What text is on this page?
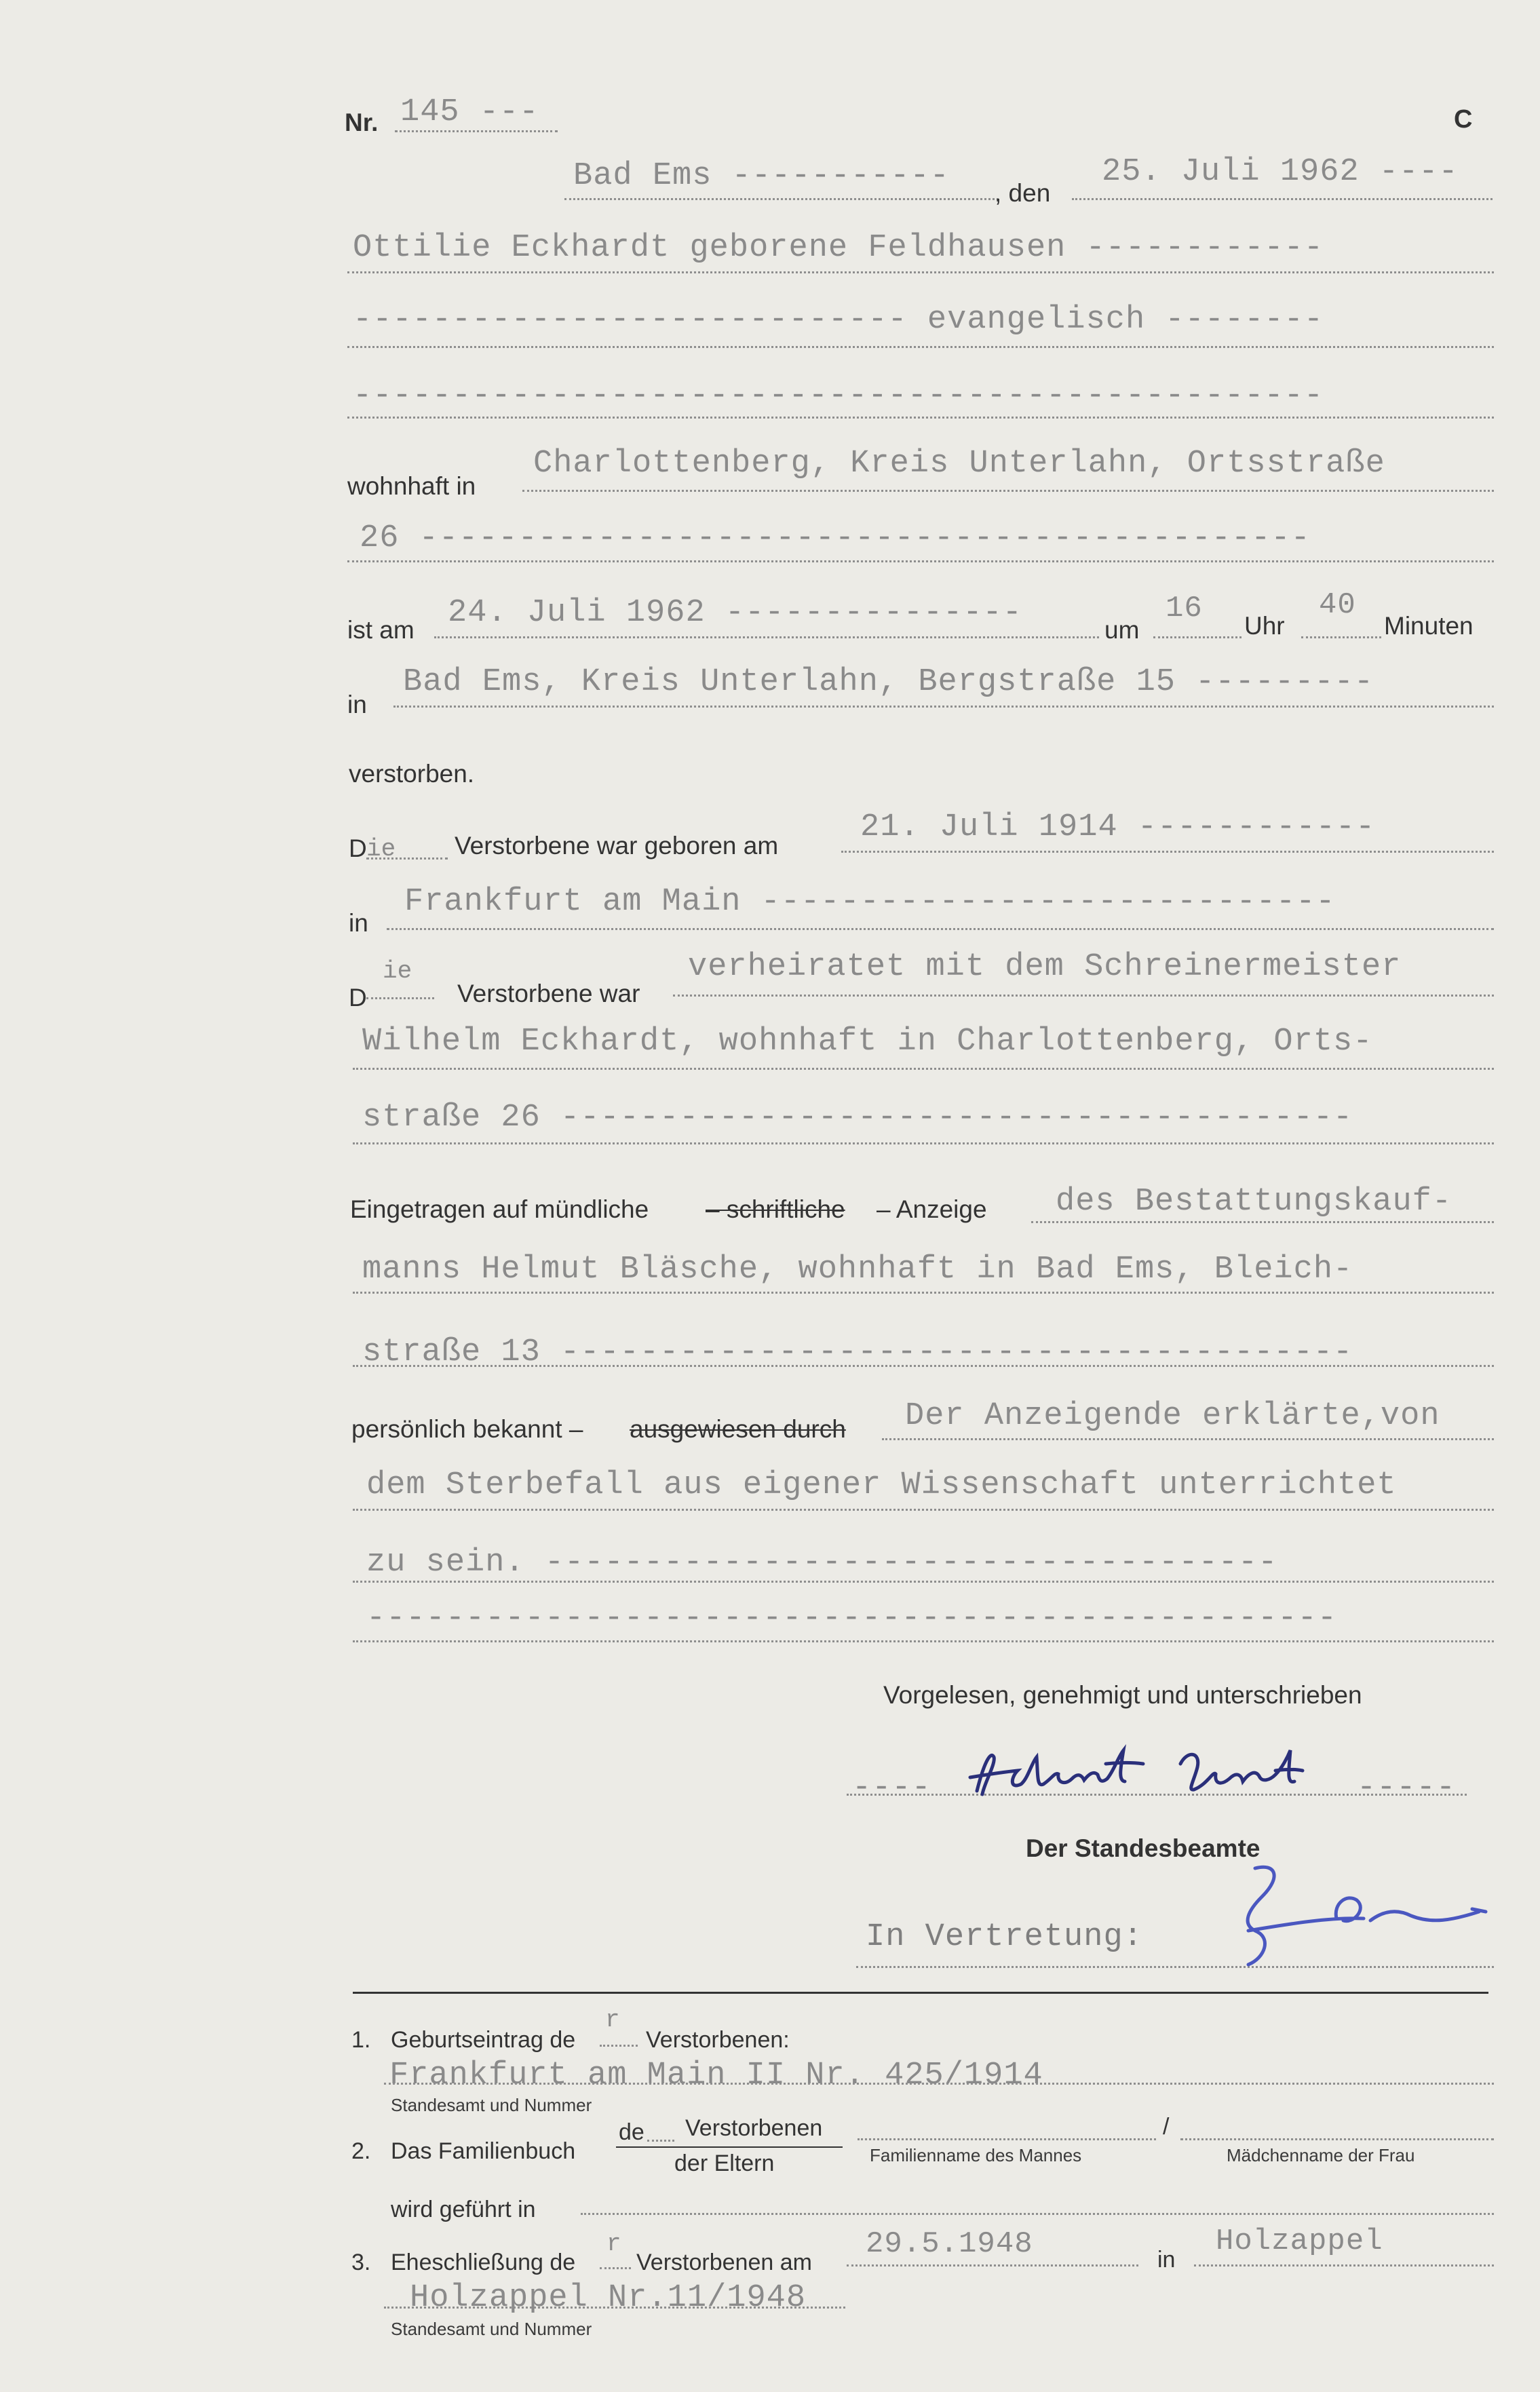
Nr. 145 ---	C
Bad Ems ----------- , den
25. Juli 1962 ----
Ottilie Eckhardt geborene Feldhausen ------------
---------------------------- evangelisch --------
-------------------------------------------------
wohnhaft in
Charlottenberg, Kreis Unterlahn, Ortsstraße
26 ---------------------------------------------
ist am 24. Juli 1962 ---------------	um
16
Uhr
40
Minuten
in
Bad Ems, Kreis Unterlahn, Bergstraße 15 ---------
verstorben.
D ie Verstorbene war geboren am
21. Juli 1914 ------------
in
Frankfurt am Main -----------------------------
D
ie
Verstorbene war
verheiratet mit dem Schreinermeister
Wilhelm Eckhardt, wohnhaft in Charlottenberg, Orts-
straße 26 ----------------------------------------
Eingetragen auf mündliche – schriftliche – Anzeige des Bestattungskauf-
manns Helmut Bläsche, wohnhaft in Bad Ems, Bleich-
straße 13 ----------------------------------------
persönlich bekannt – ausgewiesen durch Der Anzeigende erklärte,von
dem Sterbefall aus eigener Wissenschaft unterrichtet
zu sein. -------------------------------------
-------------------------------------------------
Vorgelesen, genehmigt und unterschrieben
----	-----
Der Standesbeamte
In Vertretung:
1. Geburtseintrag de
r
Verstorbenen:
Frankfurt am Main II Nr. 425/1914
Standesamt und Nummer
2. Das Familienbuch
de Verstorbenen
der Eltern	Familienname des Mannes
/
Mädchenname der Frau
wird geführt in
3. Eheschließung de
r
Verstorbenen am
29.5.1948	in
Holzappel
Holzappel Nr.11/1948
Standesamt und Nummer
